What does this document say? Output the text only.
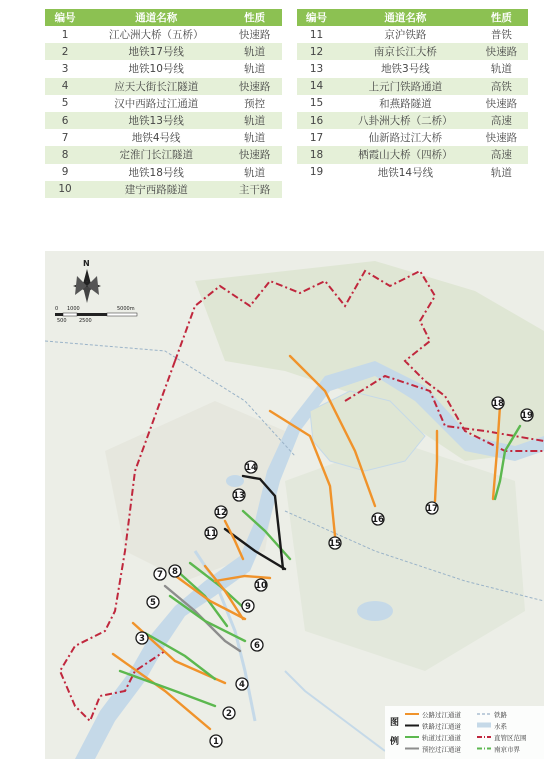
编号	通道名称	性质
1	江心洲大桥（五桥）	快速路
2	地铁17号线	轨道
3	地铁10号线	轨道
4	应天大街长江隧道	快速路
5	汉中西路过江通道	预控
6	地铁13号线	轨道
7	地铁4号线	轨道
8	定淮门长江隧道	快速路
9	地铁18号线	轨道
10	建宁西路隧道	主干路
编号	通道名称	性质
11	京沪铁路	普铁
12	南京长江大桥	快速路
13	地铁3号线	轨道
14	上元门铁路通道	高铁
15	和燕路隧道	快速路
16	八卦洲大桥（二桥）	高速
17	仙新路过江大桥	快速路
18	栖霞山大桥（四桥）	高速
19	地铁14号线	轨道
N
0 1000	5000m
500 2500
1
2
3
4
5
6
7 8
9
10
11
12
13
14
15
16
17
18
19
图
例
公路过江通道
铁路过江通道
轨道过江通道
预控过江通道
铁路
水系
直管区范围
南京市界
